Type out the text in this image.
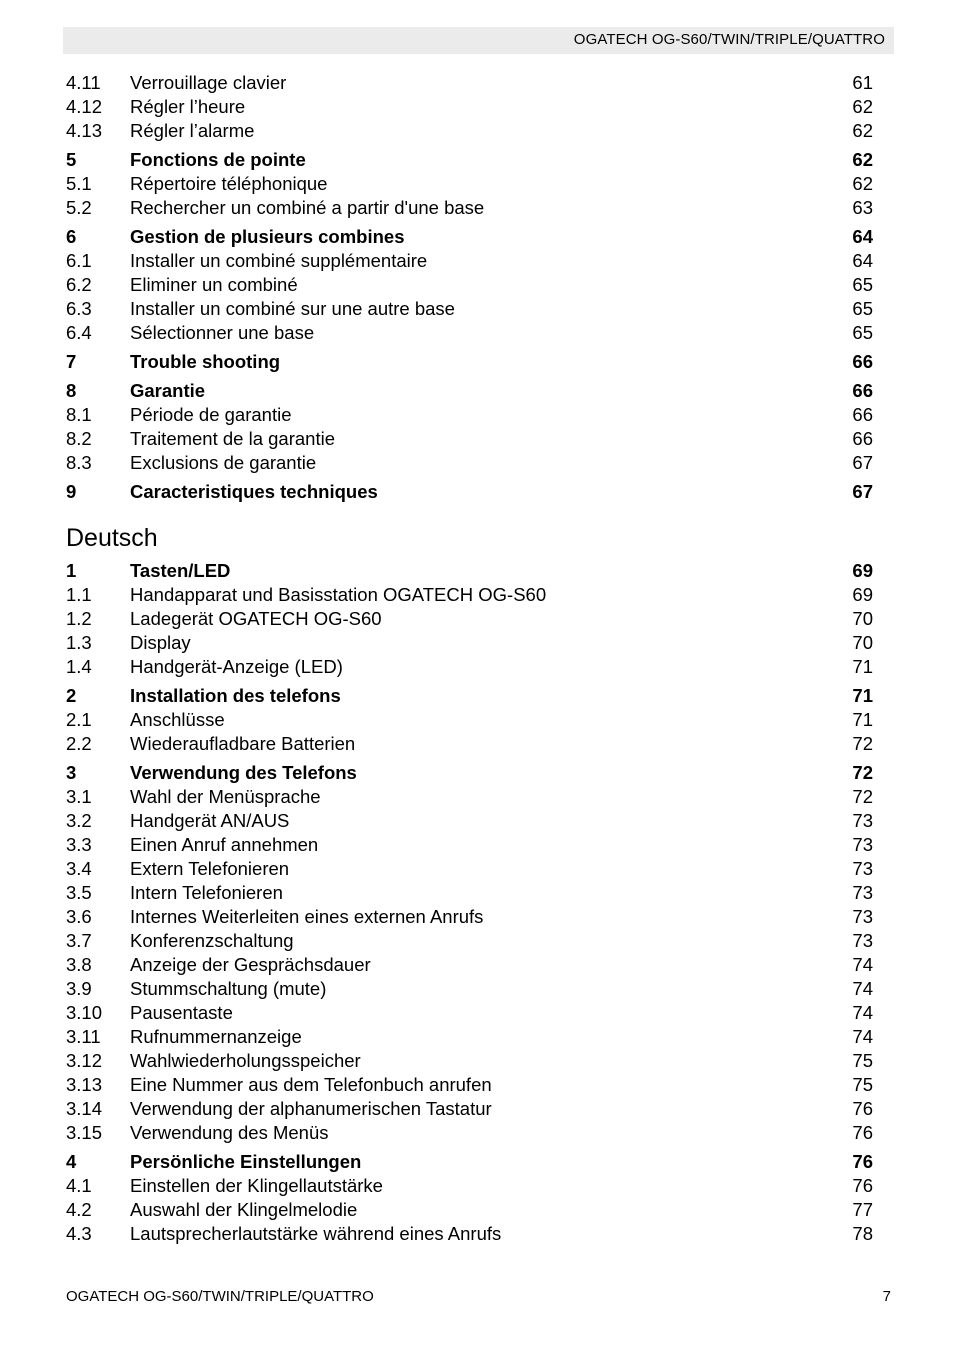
OGATECH OG-S60/TWIN/TRIPLE/QUATTRO
4.11 Verrouillage clavier	61
4.12 Régler l’heure	62
4.13 Régler l’alarme	62
5	Fonctions de pointe	62
5.1 Répertoire téléphonique	62
5.2 Rechercher un combiné a partir d'une base	63
6	Gestion de plusieurs combines	64
6.1 Installer un combiné supplémentaire	64
6.2 Eliminer un combiné	65
6.3 Installer un combiné sur une autre base	65
6.4 Sélectionner une base	65
7	Trouble shooting	66
8	Garantie	66
8.1 Période de garantie	66
8.2 Traitement de la garantie	66
8.3 Exclusions de garantie	67
9	Caracteristiques techniques	67
Deutsch
1	Tasten/LED	69
1.1 Handapparat und Basisstation OGATECH OG-S60	69
1.2 Ladegerät OGATECH OG-S60	70
1.3 Display	70
1.4 Handgerät-Anzeige (LED)	71
2	Installation des telefons	71
2.1 Anschlüsse	71
2.2 Wiederaufladbare Batterien	72
3	Verwendung des Telefons	72
3.1 Wahl der Menüsprache	72
3.2 Handgerät AN/AUS	73
3.3 Einen Anruf annehmen	73
3.4 Extern Telefonieren	73
3.5 Intern Telefonieren	73
3.6 Internes Weiterleiten eines externen Anrufs	73
3.7 Konferenzschaltung	73
3.8 Anzeige der Gesprächsdauer	74
3.9 Stummschaltung (mute)	74
3.10 Pausentaste	74
3.11 Rufnummernanzeige	74
3.12 Wahlwiederholungsspeicher	75
3.13 Eine Nummer aus dem Telefonbuch anrufen	75
3.14 Verwendung der alphanumerischen Tastatur	76
3.15 Verwendung des Menüs	76
4	Persönliche Einstellungen	76
4.1 Einstellen der Klingellautstärke	76
4.2 Auswahl der Klingelmelodie	77
4.3 Lautsprecherlautstärke während eines Anrufs	78
OGATECH OG-S60/TWIN/TRIPLE/QUATTRO	7
